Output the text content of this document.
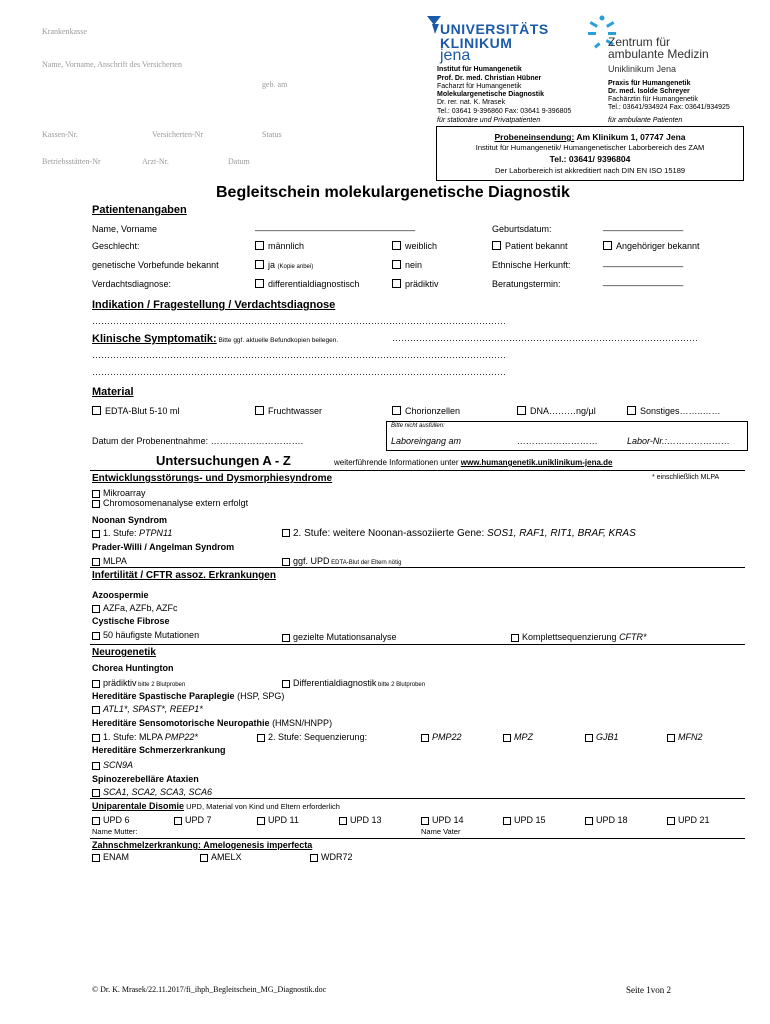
Krankenkasse
Name, Vorname, Anschrift des Versicherten
geb. am
Kassen-Nr.	Versicherten-Nr	Status
Betriebsstätten-Nr	Arzt-Nr.	Datum
UNIVERSITÄTS
KLINIKUM
jena
Zentrum für
ambulante Medizin
Uniklinikum Jena
Institut für Humangenetik
Prof. Dr. med. Christian Hübner
Facharzt für Humangenetik
Molekulargenetische Diagnostik
Dr. rer. nat. K. Mrasek
Tel.: 03641 9-396860 Fax: 03641 9-396805
für stationäre und Privatpatienten
Praxis für Humangenetik
Dr. med. Isolde Schreyer
Fachärztin für Humangenetik
Tel.: 03641/934924 Fax: 03641/934925
für ambulante Patienten
Probeneinsendung: Am Klinikum 1, 07747 Jena
Institut für Humangenetik/ Humangenetischer Laborbereich des ZAM
Tel.: 03641/ 9396804
Der Laborbereich ist akkreditiert nach DIN EN ISO 15189
Begleitschein molekulargenetische Diagnostik
Patientenangaben
Name, Vorname	________________________________	Geburtsdatum:	________________
Geschlecht:	männlich	weiblich	Patient bekannt	Angehöriger bekannt
genetische Vorbefunde bekannt	ja (Kopie anbei)	nein	Ethnische Herkunft:	________________
Verdachtsdiagnose:	differentialdiagnostisch	prädiktiv	Beratungstermin:	________________
Indikation / Fragestellung / Verdachtsdiagnose
…………………………………………………………………………………………………………………………
Klinische Symptomatik: Bitte ggf. aktuelle Befundkopien beilegen.	…………………………………………………………………………………………
…………………………………………………………………………………………………………………………
…………………………………………………………………………………………………………………………
Material
EDTA-Blut 5-10 ml	Fruchtwasser	Chorionzellen	DNA………ng/µl	Sonstiges……..……
Datum der Probenentnahme: ………………………….
Bitte nicht ausfüllen:
Laboreingang am	………………………	Labor-Nr.:…………………
Untersuchungen A - Z	weiterführende Informationen unter www.humangenetik.uniklinikum-jena.de
* einschließlich MLPA
Entwicklungsstörungs- und Dysmorphiesyndrome
Mikroarray
Chromosomenanalyse extern erfolgt
Noonan Syndrom
1. Stufe: PTPN11	2. Stufe: weitere Noonan-assoziierte Gene: SOS1, RAF1, RIT1, BRAF, KRAS
Prader-Willi / Angelman Syndrom
MLPA	ggf. UPD EDTA-Blut der Eltern nötig
Infertilität / CFTR assoz. Erkrankungen
Azoospermie
AZFa, AZFb, AZFc
Cystische Fibrose
50 häufigste Mutationen	gezielte Mutationsanalyse	Komplettsequenzierung CFTR*
Neurogenetik
Chorea Huntington
prädiktiv bitte 2 Blutproben	Differentialdiagnostik bitte 2 Blutproben
Hereditäre Spastische Paraplegie (HSP, SPG)
ATL1*, SPAST*, REEP1*
Hereditäre Sensomotorische Neuropathie (HMSN/HNPP)
1. Stufe: MLPA PMP22*	2. Stufe: Sequenzierung:	PMP22	MPZ	GJB1	MFN2
Hereditäre Schmerzerkrankung
SCN9A
Spinozerebelläre Ataxien
SCA1, SCA2, SCA3, SCA6
Uniparentale Disomie UPD, Material von Kind und Eltern erforderlich
UPD 6	UPD 7	UPD 11	UPD 13	UPD 14	UPD 15	UPD 18	UPD 21
Name Mutter:	Name Vater
Zahnschmelzerkrankung: Amelogenesis imperfecta
ENAM	AMELX	WDR72
© Dr. K. Mrasek/22.11.2017/fi_ihph_Begleitschein_MG_Diagnostik.doc	Seite 1von 2
